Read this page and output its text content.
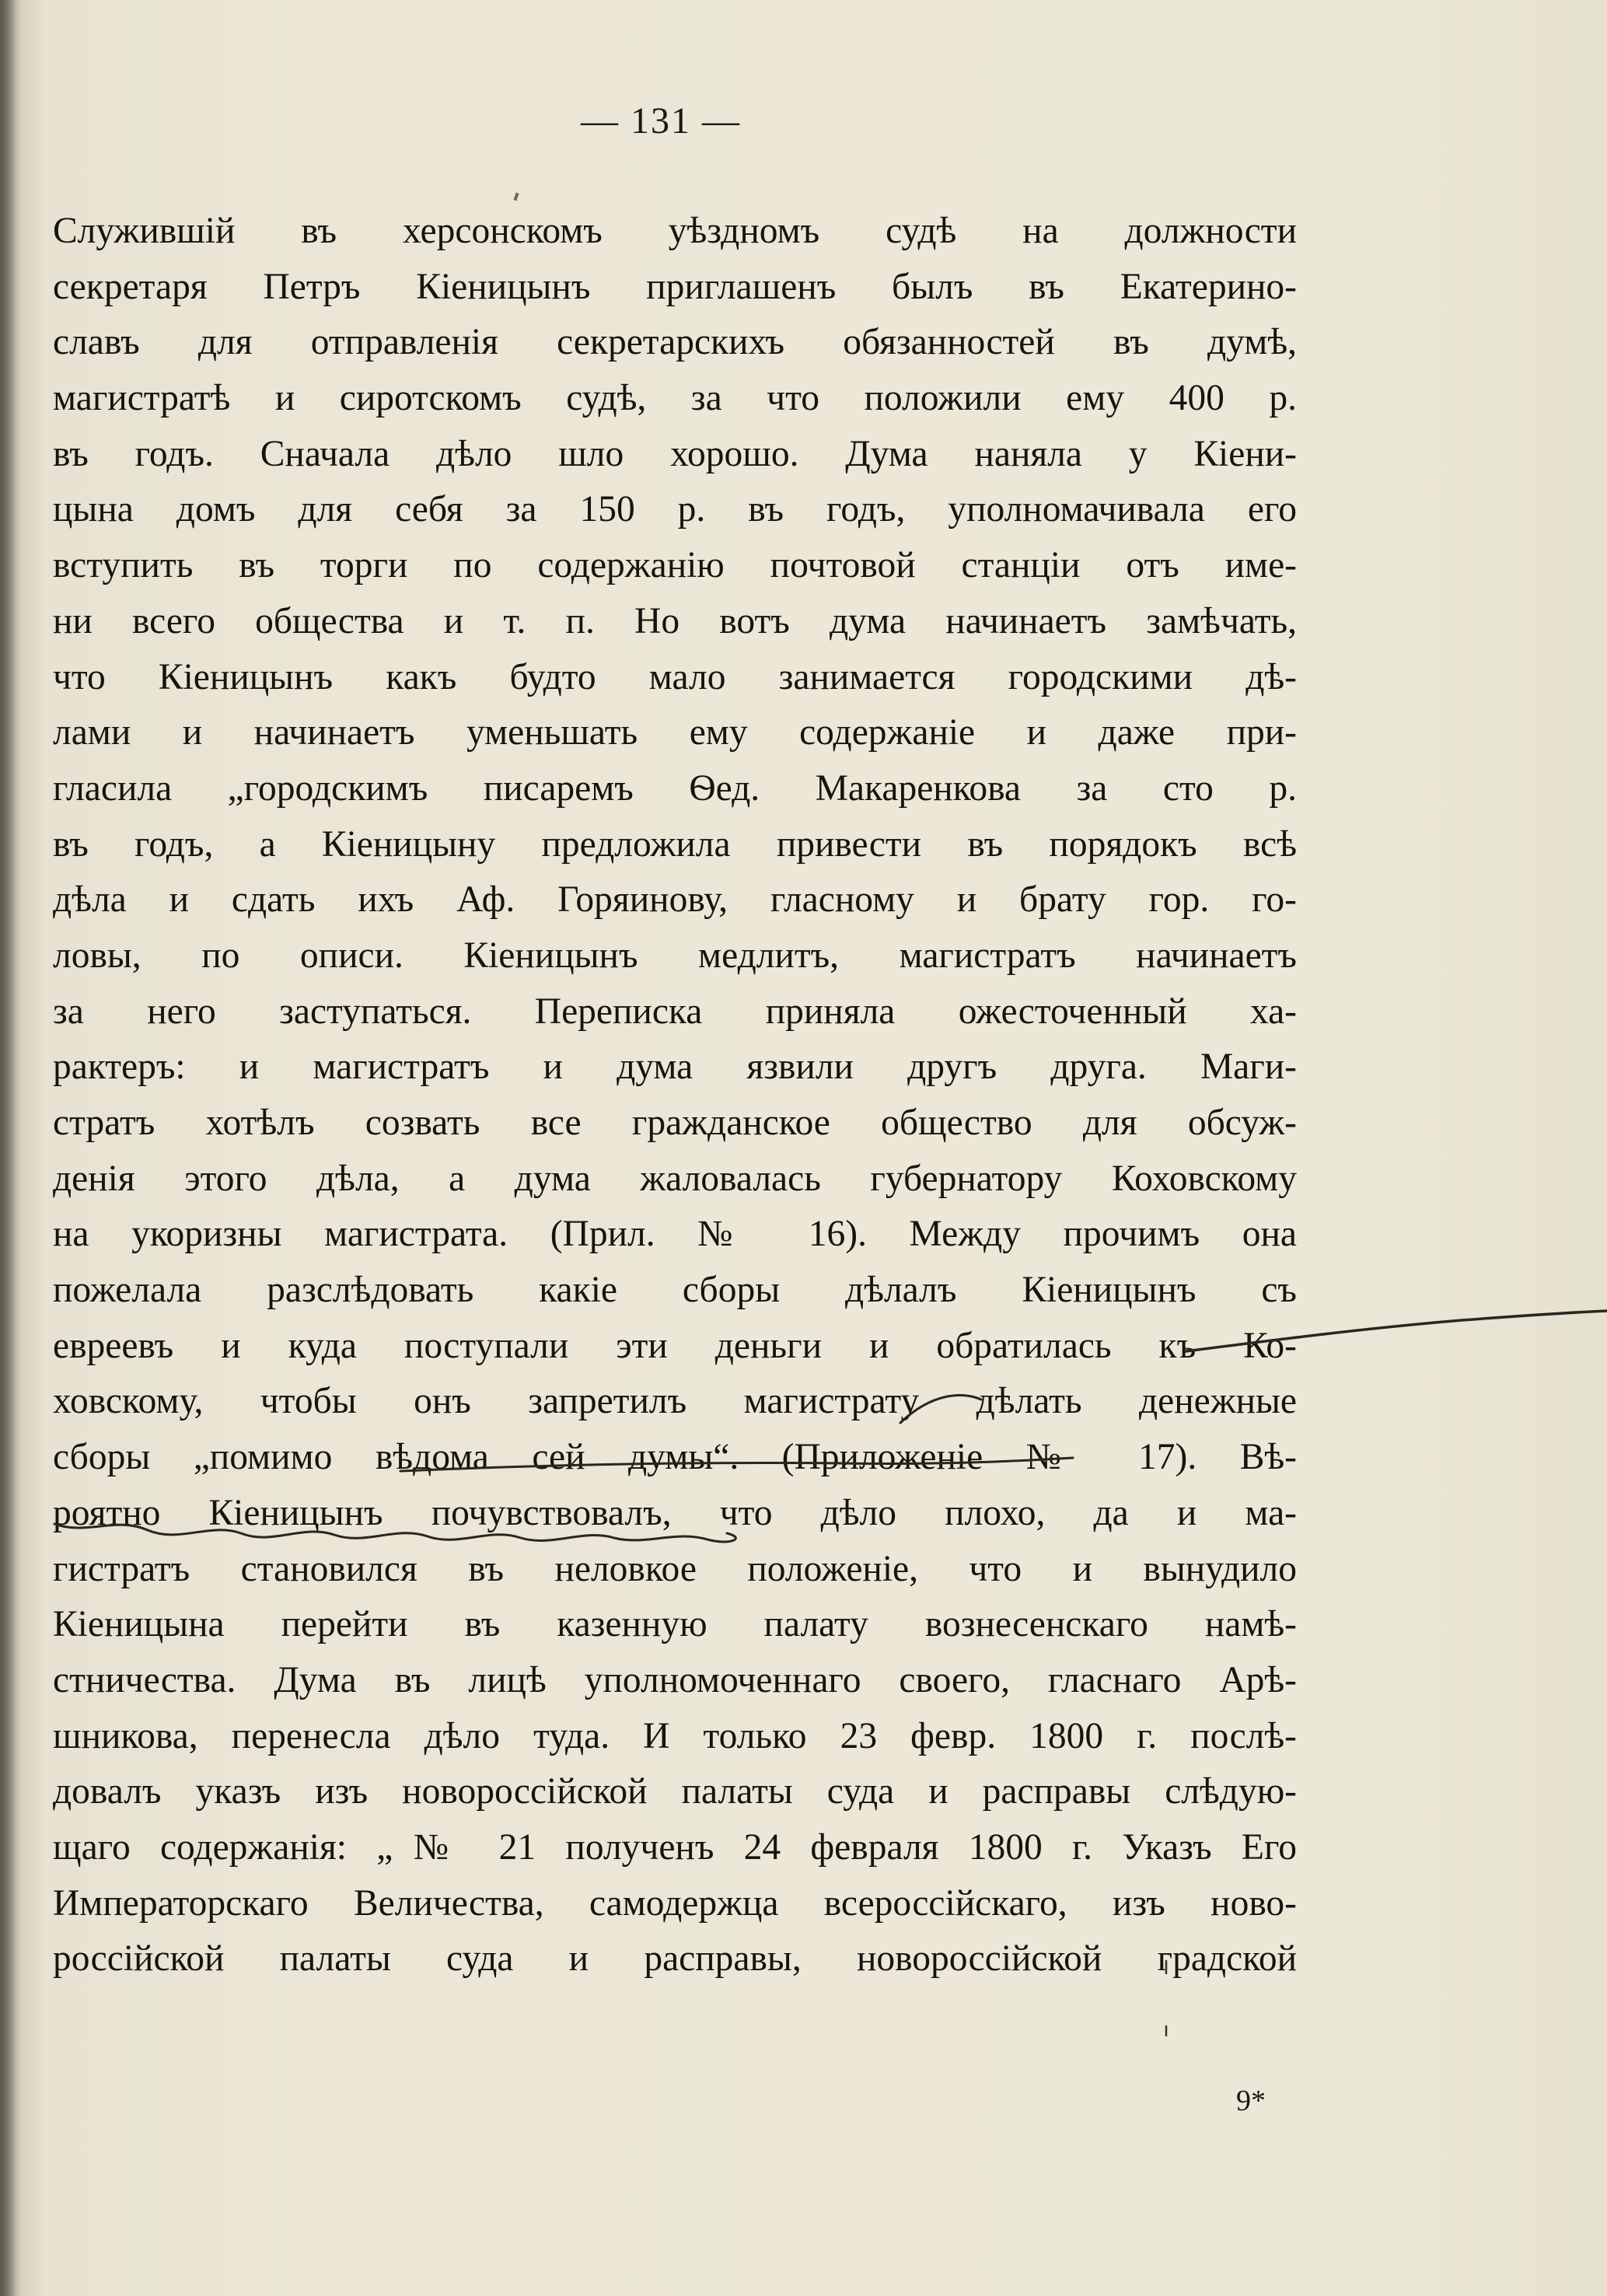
— 131 —
Служившій въ херсонскомъ уѣздномъ судѣ на должности
секретаря Петръ Кіеницынъ приглашенъ былъ въ Екатерино-
славъ для отправленія секретарскихъ обязанностей въ думѣ,
магистратѣ и сиротскомъ судѣ, за что положили ему 400 р.
въ годъ. Сначала дѣло шло хорошо. Дума наняла у Кіени-
цына домъ для себя за 150 р. въ годъ, уполномачивала его
вступить въ торги по содержанію почтовой станціи отъ име-
ни всего общества и т. п. Но вотъ дума начинаетъ замѣчать,
что Кіеницынъ какъ будто мало занимается городскими дѣ-
лами и начинаетъ уменьшать ему содержаніе и даже при-
гласила „городскимъ писаремъ Ѳед. Макаренкова за сто р.
въ годъ, а Кіеницыну предложила привести въ порядокъ всѣ
дѣла и сдать ихъ Аф. Горяинову, гласному и брату гор. го-
ловы, по описи. Кіеницынъ медлитъ, магистратъ начинаетъ
за него заступаться. Переписка приняла ожесточенный ха-
рактеръ: и магистратъ и дума язвили другъ друга. Маги-
стратъ хотѣлъ созвать все гражданское общество для обсуж-
денія этого дѣла, а дума жаловалась губернатору Коховскому
на укоризны магистрата. (Прил. № 16). Между прочимъ она
пожелала разслѣдовать какіе сборы дѣлалъ Кіеницынъ съ
евреевъ и куда поступали эти деньги и обратилась къ Ко-
ховскому, чтобы онъ запретилъ магистрату дѣлать денежные
сборы „помимо вѣдома сей думы“. (Приложеніе № 17). Вѣ-
роятно Кіеницынъ почувствовалъ, что дѣло плохо, да и ма-
гистратъ становился въ неловкое положеніе, что и вынудило
Кіеницына перейти въ казенную палату вознесенскаго намѣ-
стничества. Дума въ лицѣ уполномоченнаго своего, гласнаго Арѣ-
шникова, перенесла дѣло туда. И только 23 февр. 1800 г. послѣ-
довалъ указъ изъ новороссійской палаты суда и расправы слѣдую-
щаго содержанія: „№ 21 полученъ 24 февраля 1800 г. Указъ Его
Императорскаго Величества, самодержца всероссійскаго, изъ ново-
россійской палаты суда и расправы, новороссійской градской
9*
